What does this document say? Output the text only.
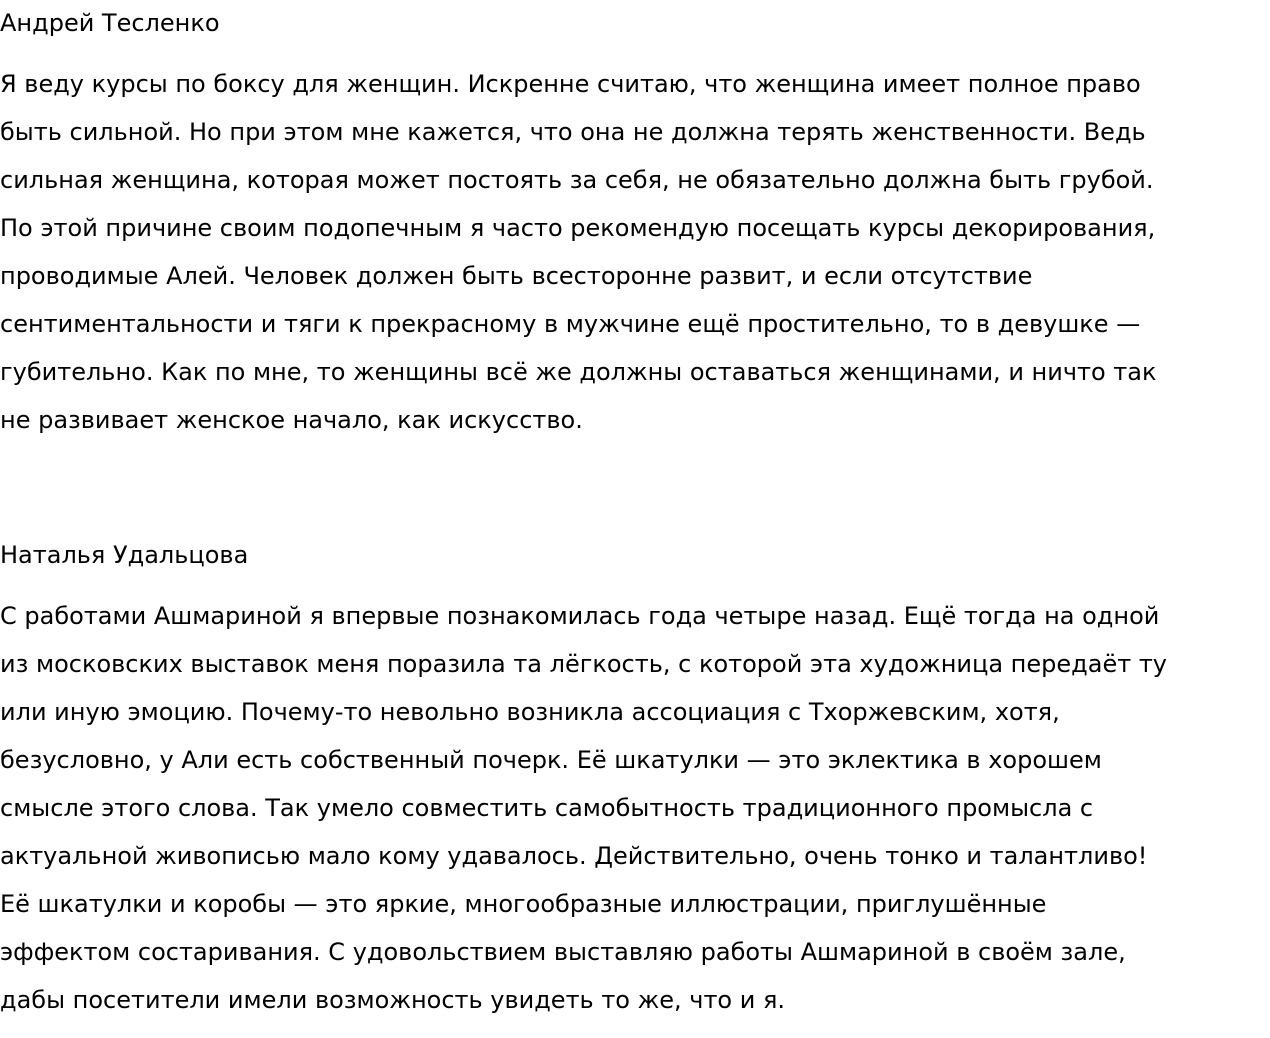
Андрей Тесленко

Я веду курсы по боксу для женщин. Искренне считаю, что женщина имеет полное право
быть сильной. Но при этом мне кажется, что она не должна терять женственности. Ведь
сильная женщина, которая может постоять за себя, не обязательно должна быть грубой.
По этой причине своим подопечным я часто рекомендую посещать курсы декорирования,
проводимые Алей. Человек должен быть всесторонне развит, и если отсутствие
сентиментальности и тяги к прекрасному в мужчине ещё простительно, то в девушке —
губительно. Как по мне, то женщины всё же должны оставаться женщинами, и ничто так
не развивает женское начало, как искусство.

Наталья Удальцова

С работами Ашмариной я впервые познакомилась года четыре назад. Ещё тогда на одной
из московских выставок меня поразила та лёгкость, с которой эта художница передаёт ту
или иную эмоцию. Почему-то невольно возникла ассоциация с Тхоржевским, хотя,
безусловно, у Али есть собственный почерк. Её шкатулки — это эклектика в хорошем
смысле этого слова. Так умело совместить самобытность традиционного промысла с
актуальной живописью мало кому удавалось. Действительно, очень тонко и талантливо!
Её шкатулки и коробы — это яркие, многообразные иллюстрации, приглушённые
эффектом состаривания. С удовольствием выставляю работы Ашмариной в своём зале,
дабы посетители имели возможность увидеть то же, что и я.
